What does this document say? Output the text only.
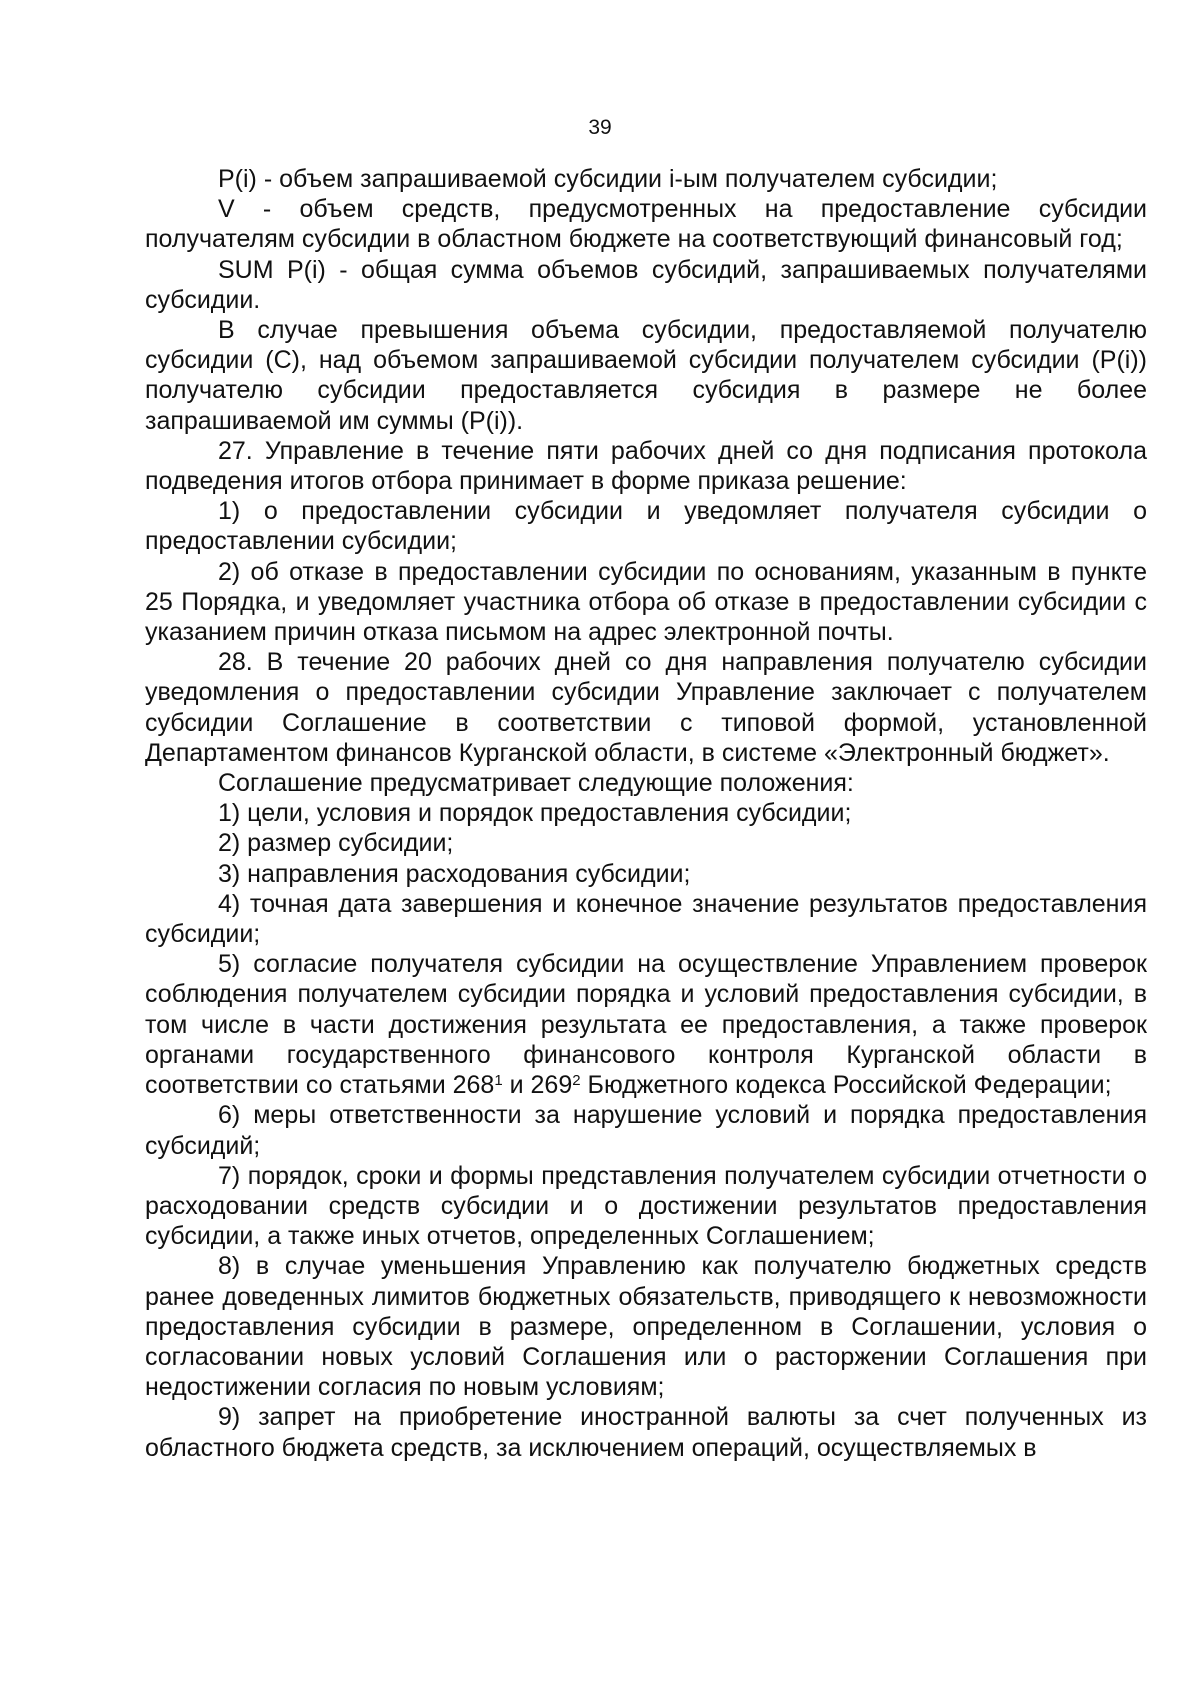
39

P(i) - объем запрашиваемой субсидии i-ым получателем субсидии;

V - объем средств, предусмотренных на предоставление субсидии получателям субсидии в областном бюджете на соответствующий финансовый год;

SUM P(i) - общая сумма объемов субсидий, запрашиваемых получателями субсидии.

В случае превышения объема субсидии, предоставляемой получателю субсидии (C), над объемом запрашиваемой субсидии получателем субсидии (P(i)) получателю субсидии предоставляется субсидия в размере не более запрашиваемой им суммы (P(i)).

27. Управление в течение пяти рабочих дней со дня подписания протокола подведения итогов отбора принимает в форме приказа решение:

1) о предоставлении субсидии и уведомляет получателя субсидии о предоставлении субсидии;

2) об отказе в предоставлении субсидии по основаниям, указанным в пункте 25 Порядка, и уведомляет участника отбора об отказе в предоставлении субсидии с указанием причин отказа письмом на адрес электронной почты.

28. В течение 20 рабочих дней со дня направления получателю субсидии уведомления о предоставлении субсидии Управление заключает с получателем субсидии Соглашение в соответствии с типовой формой, установленной Департаментом финансов Курганской области, в системе «Электронный бюджет».

Соглашение предусматривает следующие положения:

1) цели, условия и порядок предоставления субсидии;

2) размер субсидии;

3) направления расходования субсидии;

4) точная дата завершения и конечное значение результатов предоставления субсидии;

5) согласие получателя субсидии на осуществление Управлением проверок соблюдения получателем субсидии порядка и условий предоставления субсидии, в том числе в части достижения результата ее предоставления, а также проверок органами государственного финансового контроля Курганской области в соответствии со статьями $268^1$ и $269^2$ Бюджетного кодекса Российской Федерации;

6) меры ответственности за нарушение условий и порядка предоставления субсидий;

7) порядок, сроки и формы представления получателем субсидии отчетности о расходовании средств субсидии и о достижении результатов предоставления субсидии, а также иных отчетов, определенных Соглашением;

8) в случае уменьшения Управлению как получателю бюджетных средств ранее доведенных лимитов бюджетных обязательств, приводящего к невозможности предоставления субсидии в размере, определенном в Соглашении, условия о согласовании новых условий Соглашения или о расторжении Соглашения при недостижении согласия по новым условиям;

9) запрет на приобретение иностранной валюты за счет полученных из областного бюджета средств, за исключением операций, осуществляемых в
